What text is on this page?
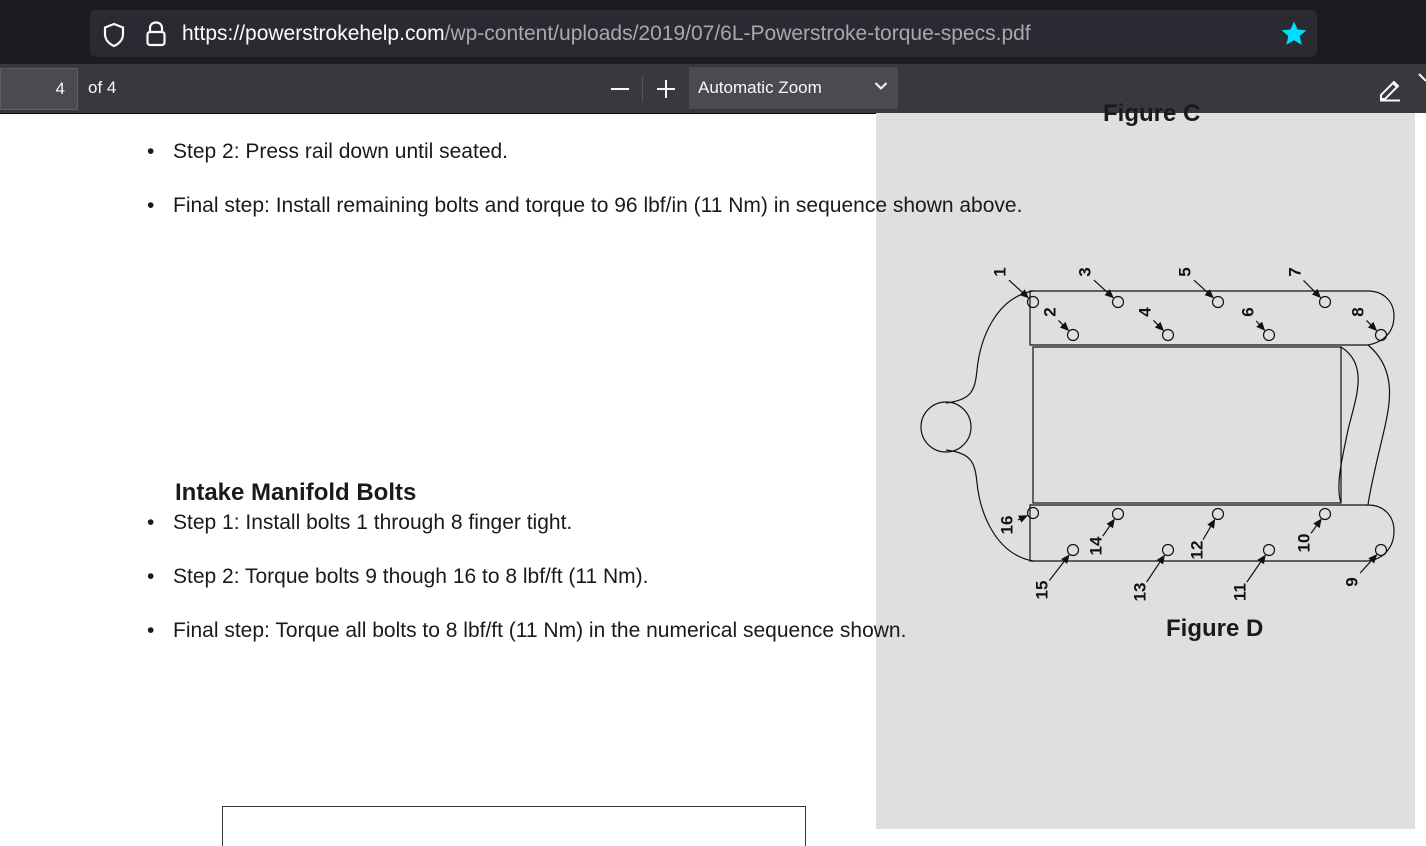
https://powerstrokehelp.com/wp-content/uploads/2019/07/6L-Powerstroke-torque-specs.pdf
4	of 4	Automatic Zoom
Figure C
• Step 2: Press rail down until seated.
• Final step: Install remaining bolts and torque to 96 lbf/in (11 Nm) in sequence shown above.
Intake Manifold Bolts
• Step 1: Install bolts 1 through 8 finger tight.
• Step 2: Torque bolts 9 though 16 to 8 lbf/ft (11 Nm).
• Final step: Torque all bolts to 8 lbf/ft (11 Nm) in the numerical sequence shown.
1
2
3
4
5
6
7
8
9
10
11
12
13
14
15
16
Figure D
